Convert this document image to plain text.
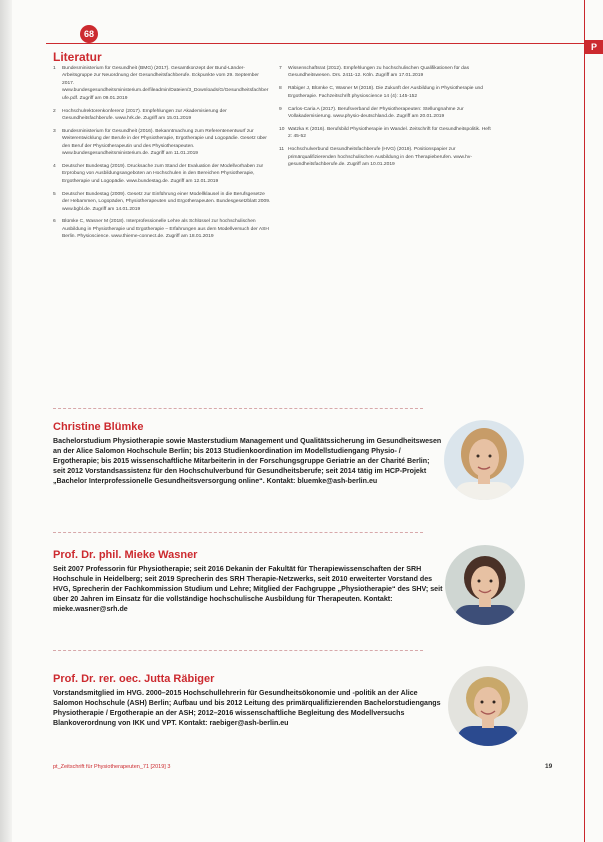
P
68
Literatur
1 Bundesministerium für Gesundheit (BMG) (2017). Gesamtkonzept der Bund-Länder-Arbeitsgruppe zur Neuordnung der Gesundheitsfachberufe. Eckpunkte vom 29. September 2017. www.bundesgesundheitsministerium.de/fileadmin/Dateien/3_Downloads/G/Gesundheitsfachberufe.pdf. Zugriff am 09.01.2019
2 Hochschulrektorenkonferenz (2017). Empfehlungen zur Akademisierung der Gesundheitsfachberufe. www.hrk.de. Zugriff am 15.01.2019
3 Bundesministerium für Gesundheit (2016). Bekanntmachung zum Referentenentwurf zur Weiterentwicklung der Berufe in der Physiotherapie, Ergotherapie und Logopädie. Gesetz über den Beruf der Physiotherapeutin und des Physiotherapeuten. www.bundesgesundheitsministerium.de. Zugriff am 11.01.2019
4 Deutscher Bundestag (2019). Drucksache zum Stand der Evaluation der Modellvorhaben zur Erprobung von Ausbildungsangeboten an Hochschulen in den Bereichen Physiotherapie, Ergotherapie und Logopädie. www.bundestag.de. Zugriff am 12.01.2019
5 Deutscher Bundestag (2009). Gesetz zur Einführung einer Modellklausel in die Berufsgesetze der Hebammen, Logopäden, Physiotherapeuten und Ergotherapeuten. Bundesgesetzblatt 2009. www.bgbl.de. Zugriff am 14.01.2019
6 Blümke C, Wasner M (2018). Interprofessionelle Lehre als Schlüssel zur hochschulischen Ausbildung in Physiotherapie und Ergotherapie – Erfahrungen aus dem Modellversuch der ASH Berlin. Physioscience. www.thieme-connect.de. Zugriff am 18.01.2019
7 Wissenschaftsrat (2012). Empfehlungen zu hochschulischen Qualifikationen für das Gesundheitswesen. Drs. 2411-12. Köln. Zugriff am 17.01.2019
8 Räbiger J, Blümke C, Wasner M (2018). Die Zukunft der Ausbildung in Physiotherapie und Ergotherapie. Fachzeitschrift physioscience 14 (4): 145-152
9 Carlos-Caria A (2017). Berufsverband der Physiotherapeuten: Stellungnahme zur Vollakademisierung. www.physio-deutschland.de. Zugriff am 20.01.2019
10 Watzka K (2016). Berufsbild Physiotherapie im Wandel. Zeitschrift für Gesundheitspolitik. Heft 2: 45-52
11 Hochschulverbund Gesundheitsfachberufe (HVG) (2019). Positionspapier zur primärqualifizierenden hochschulischen Ausbildung in den Therapieberufen. www.hv-gesundheitsfachberufe.de. Zugriff am 10.01.2019

Christine Blümke

Bachelorstudium Physiotherapie sowie Masterstudium Management und Qualitätssicherung im Gesundheitswesen an der Alice Salomon Hochschule Berlin; bis 2013 Studienkoordination im Modellstudiengang Physio- / Ergotherapie; bis 2015 wissenschaftliche Mitarbeiterin in der Forschungsgruppe Geriatrie an der Charité Berlin; seit 2012 Vorstandsassistenz für den Hochschulverbund für Gesundheitsberufe; seit 2014 tätig im HCP-Projekt „Bachelor Interprofessionelle Gesundheitsversorgung online“. Kontakt: bluemke@ash-berlin.eu

Prof. Dr. phil. Mieke Wasner

Seit 2007 Professorin für Physiotherapie; seit 2016 Dekanin der Fakultät für Therapiewissenschaften der SRH Hochschule in Heidelberg; seit 2019 Sprecherin des SRH Therapie-Netzwerks, seit 2010 erweiterter Vorstand des HVG, Sprecherin der Fachkommission Studium und Lehre; Mitglied der Fachgruppe „Physiotherapie“ des SHV; seit über 20 Jahren im Einsatz für die vollständige hochschulische Ausbildung für Therapeuten. Kontakt: mieke.wasner@srh.de

Prof. Dr. rer. oec. Jutta Räbiger

Vorstandsmitglied im HVG. 2000–2015 Hochschullehrerin für Gesundheitsökonomie und -politik an der Alice Salomon Hochschule (ASH) Berlin; Aufbau und bis 2012 Leitung des primärqualifizierenden Bachelorstudiengangs Physiotherapie / Ergotherapie an der ASH; 2012–2016 wissenschaftliche Begleitung des Modellversuchs Blankoverordnung von IKK und VPT. Kontakt: raebiger@ash-berlin.eu

pt_Zeitschrift für Physiotherapeuten_71 [2019] 3	19
